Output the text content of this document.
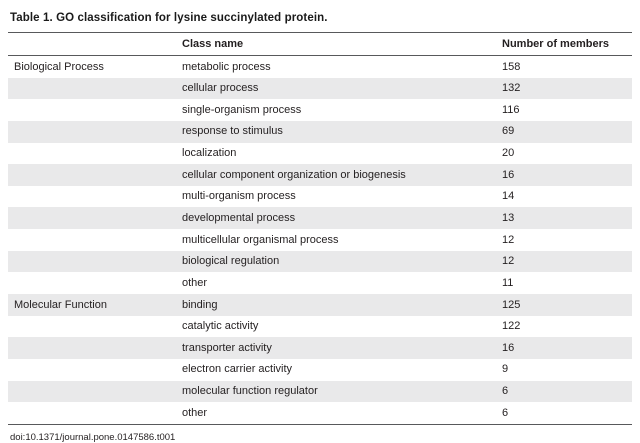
Table 1. GO classification for lysine succinylated protein.
	Class name	Number of members
Biological Process	metabolic process	158
	cellular process	132
	single-organism process	116
	response to stimulus	69
	localization	20
	cellular component organization or biogenesis	16
	multi-organism process	14
	developmental process	13
	multicellular organismal process	12
	biological regulation	12
	other	11
Molecular Function	binding	125
	catalytic activity	122
	transporter activity	16
	electron carrier activity	9
	molecular function regulator	6
	other	6
doi:10.1371/journal.pone.0147586.t001
